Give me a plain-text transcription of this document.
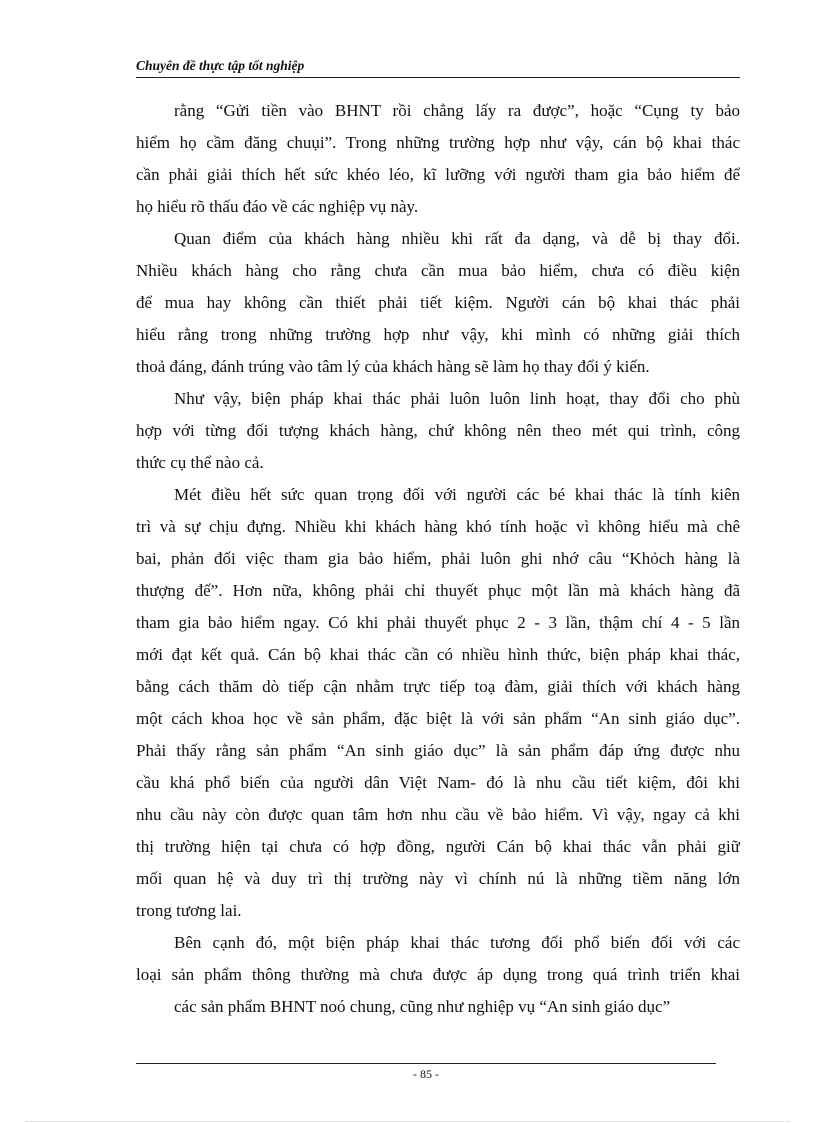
Chuyên đề thực tập tốt nghiệp
rằng “Gửi tiền vào BHNT rồi chẳng lấy ra được”, hoặc “Cụng ty bảo
hiểm họ cầm đăng chuụi”. Trong những trường hợp như vậy, cán bộ khai thác
cần phải giải thích hết sức khéo léo, kĩ lưỡng với người tham gia bảo hiểm để
họ hiểu rõ thấu đáo về các nghiệp vụ này.
Quan điểm của khách hàng nhiều khi rất đa dạng, và dễ bị thay đổi.
Nhiều khách hàng cho rằng chưa cần mua bảo hiểm, chưa có điều kiện
để mua hay không cần thiết phải tiết kiệm. Người cán bộ khai thác phải
hiểu rằng trong những trường hợp như vậy, khi mình có những giải thích
thoả đáng, đánh trúng vào tâm lý của khách hàng sẽ làm họ thay đổi ý kiến.
Như vậy, biện pháp khai thác phải luôn luôn linh hoạt, thay đổi cho phù
hợp với từng đối tượng khách hàng, chứ không nên theo mét qui trình, công
thức cụ thể nào cả.
Mét điều hết sức quan trọng đối với người các bé khai thác là tính kiên
trì và sự chịu đựng. Nhiều khi khách hàng khó tính hoặc vì không hiểu mà chê
bai, phản đối việc tham gia bảo hiểm, phải luôn ghi nhớ câu “Khỏch hàng là
thượng đế”. Hơn nữa, không phải chỉ thuyết phục một lần mà khách hàng đã
tham gia bảo hiểm ngay. Có khi phải thuyết phục 2 - 3 lần, thậm chí 4 - 5 lần
mới đạt kết quả. Cán bộ khai thác cần có nhiều hình thức, biện pháp khai thác,
bằng cách thăm dò tiếp cận nhằm trực tiếp toạ đàm, giải thích với khách hàng
một cách khoa học về sản phẩm, đặc biệt là với sản phẩm “An sinh giáo dục”.
Phải thấy rằng sản phẩm “An sinh giáo dục” là sản phẩm đáp ứng được nhu
cầu khá phổ biến của người dân Việt Nam- đó là nhu cầu tiết kiệm, đôi khi
nhu cầu này còn được quan tâm hơn nhu cầu về bảo hiểm. Vì vậy, ngay cả khi
thị trường hiện tại chưa có hợp đồng, người Cán bộ khai thác vẫn phải giữ
mối quan hệ và duy trì thị trường này vì chính nú là những tiềm năng lớn
trong tương lai.
Bên cạnh đó, một biện pháp khai thác tương đối phổ biến đối với các
loại sản phẩm thông thường mà chưa được áp dụng trong quá trình triển khai
các sản phẩm BHNT noó chung, cũng như nghiệp vụ “An sinh giáo dục”
- 85 -
